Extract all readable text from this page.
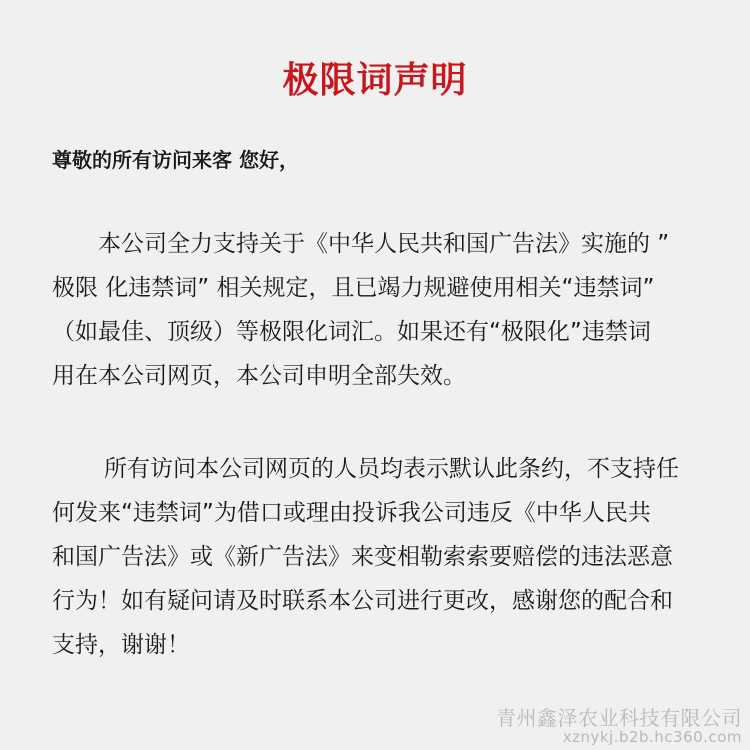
极限词声明
尊敬的所有访问来客 您好，
本公司全力支持关于《中华人民共和国广告法》实施的 ”
极限 化违禁词” 相关规定，且已竭力规避使用相关“违禁词”
（如最佳、顶级）等极限化词汇。如果还有“极限化”违禁词
用在本公司网页，本公司申明全部失效。
所有访问本公司网页的人员均表示默认此条约，不支持任
何发来“违禁词”为借口或理由投诉我公司违反《中华人民共
和国广告法》或《新广告法》来变相勒索索要赔偿的违法恶意
行为！如有疑问请及时联系本公司进行更改，感谢您的配合和
支持，谢谢！
青州鑫泽农业科技有限公司
xznykj.b2b.hc360.com
